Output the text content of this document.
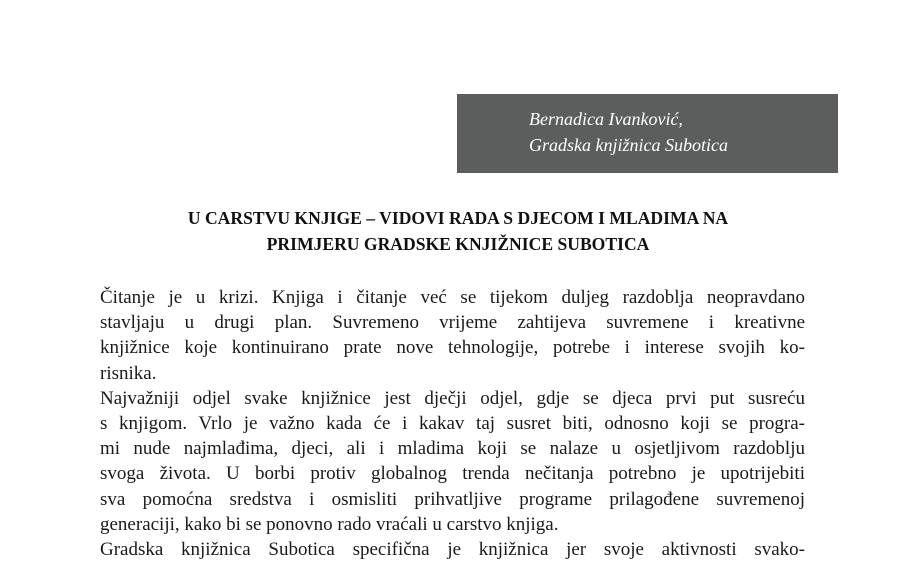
Bernadica Ivanković,
Gradska knjižnica Subotica
U CARSTVU KNJIGE – VIDOVI RADA S DJECOM I MLADIMA NA
PRIMJERU GRADSKE KNJIŽNICE SUBOTICA
Čitanje je u krizi. Knjiga i čitanje već se tijekom duljeg razdoblja neopravdano
stavljaju u drugi plan. Suvremeno vrijeme zahtijeva suvremene i kreativne
knjižnice koje kontinuirano prate nove tehnologije, potrebe i interese svojih ko-
risnika.
Najvažniji odjel svake knjižnice jest dječji odjel, gdje se djeca prvi put susreću
s knjigom. Vrlo je važno kada će i kakav taj susret biti, odnosno koji se progra-
mi nude najmlađima, djeci, ali i mladima koji se nalaze u osjetljivom razdoblju
svoga života. U borbi protiv globalnog trenda nečitanja potrebno je upotrijebiti
sva pomoćna sredstva i osmisliti prihvatljive programe prilagođene suvremenoj
generaciji, kako bi se ponovno rado vraćali u carstvo knjiga.
Gradska knjižnica Subotica specifična je knjižnica jer svoje aktivnosti svako-
